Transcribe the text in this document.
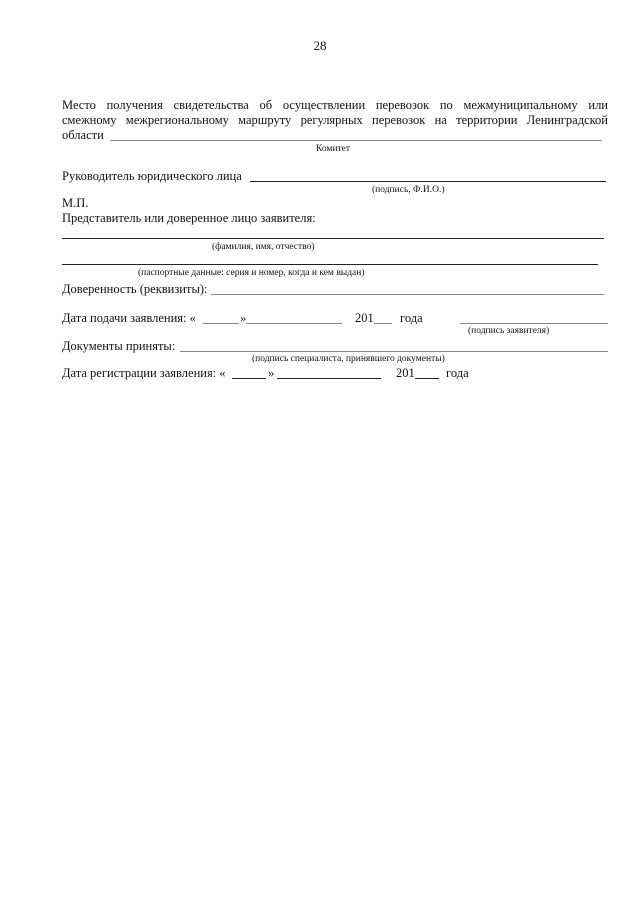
28
Место получения свидетельства об осуществлении перевозок по межмуниципальному или
смежному межрегиональному маршруту регулярных перевозок на территории Ленинградской
области
Комитет
Руководитель юридического лица
(подпись, Ф.И.О.)
М.П.
Представитель или доверенное лицо заявителя:
(фамилия, имя, отчество)
(паспортные данные: серия и номер, когда и кем выдан)
Доверенность (реквизиты):
Дата подачи заявления: «	»	201 года
(подпись заявителя)
Документы приняты:
(подпись специалиста, принявшего документы)
Дата регистрации заявления: «	»	201	года
